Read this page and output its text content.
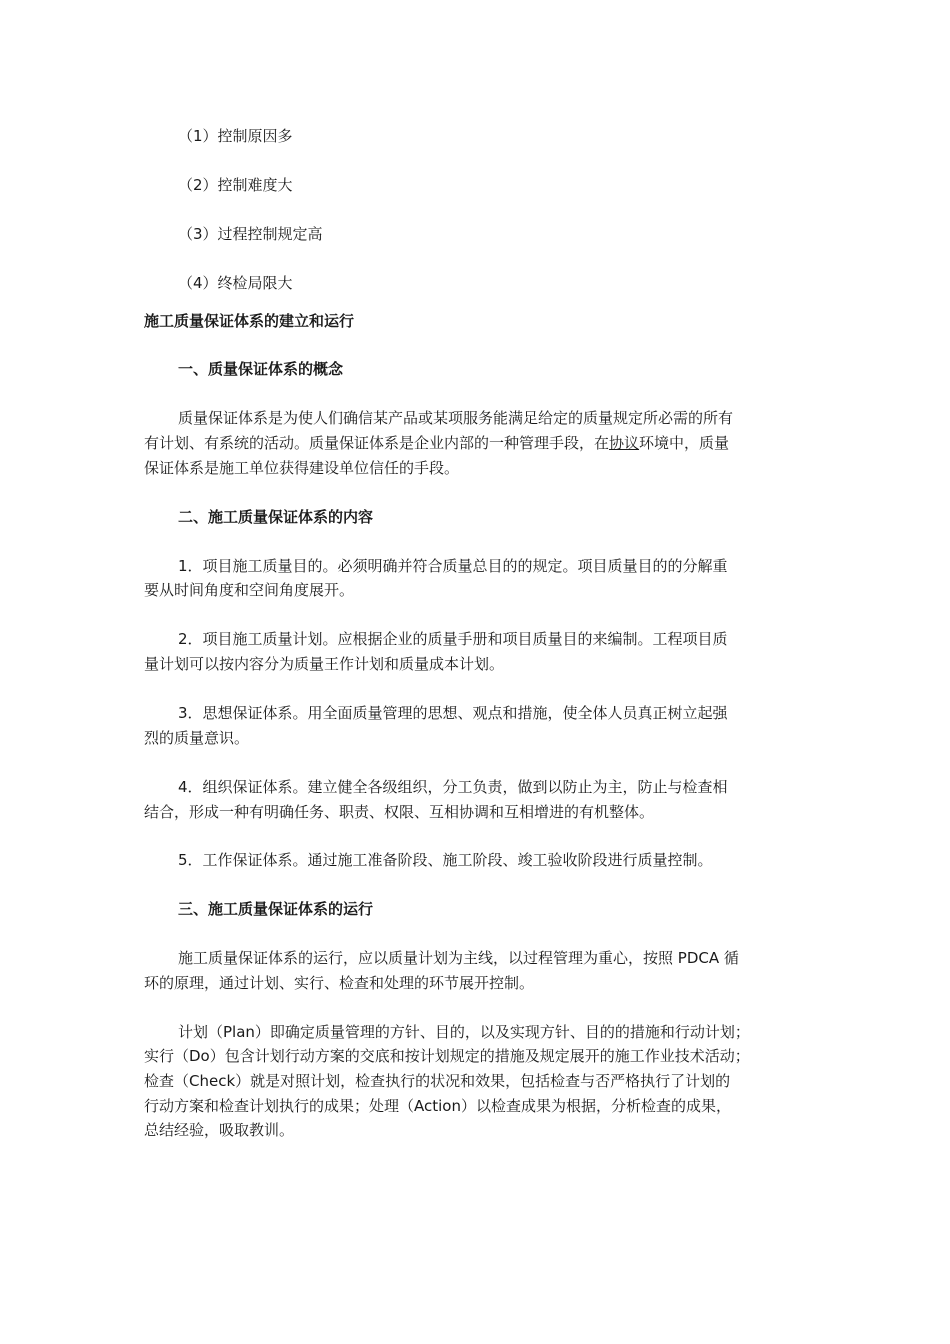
（1）控制原因多
（2）控制难度大
（3）过程控制规定高
（4）终检局限大
施工质量保证体系的建立和运行
一、质量保证体系的概念
质量保证体系是为使人们确信某产品或某项服务能满足给定的质量规定所必需的所有
有计划、有系统的活动。质量保证体系是企业内部的一种管理手段，在协议环境中，质量
保证体系是施工单位获得建设单位信任的手段。
二、施工质量保证体系的内容
1．项目施工质量目的。必须明确并符合质量总目的的规定。项目质量目的的分解重
要从时间角度和空间角度展开。
2．项目施工质量计划。应根据企业的质量手册和项目质量目的来编制。工程项目质
量计划可以按内容分为质量王作计划和质量成本计划。
3．思想保证体系。用全面质量管理的思想、观点和措施，使全体人员真正树立起强
烈的质量意识。
4．组织保证体系。建立健全各级组织，分工负责，做到以防止为主，防止与检查相
结合，形成一种有明确任务、职责、权限、互相协调和互相增进的有机整体。
5．工作保证体系。通过施工准备阶段、施工阶段、竣工验收阶段进行质量控制。
三、施工质量保证体系的运行
施工质量保证体系的运行，应以质量计划为主线，以过程管理为重心，按照 PDCA 循
环的原理，通过计划、实行、检查和处理的环节展开控制。
计划（Plan）即确定质量管理的方针、目的，以及实现方针、目的的措施和行动计划；
实行（Do）包含计划行动方案的交底和按计划规定的措施及规定展开的施工作业技术活动；
检查（Check）就是对照计划，检查执行的状况和效果，包括检查与否严格执行了计划的
行动方案和检查计划执行的成果；处理（Action）以检查成果为根据，分析检查的成果，
总结经验，吸取教训。
